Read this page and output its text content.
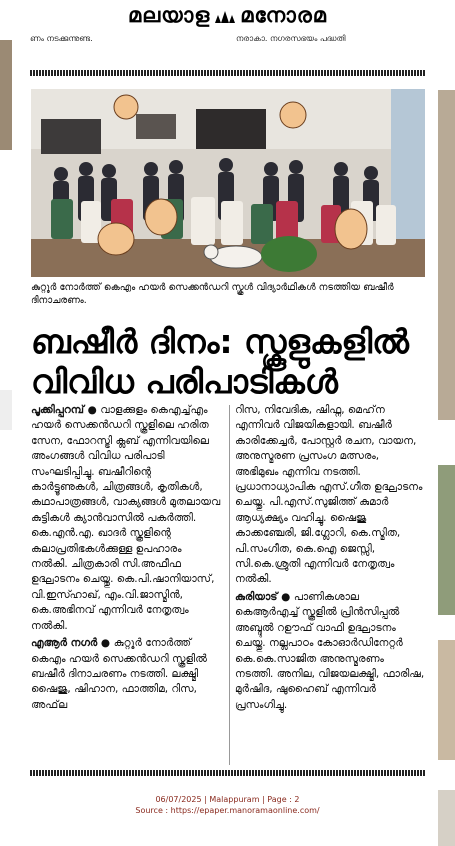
മലയാള മനോരമ
ണം നടക്കുന്നുണ്ട.	നരാകാ. നഗരസഭയം പദ്ധതി
കുറ്റൂർ നോർത്ത് കെഎം ഹയർ സെക്കൻഡറി സ്കൂൾ വിദ്യാർഥികൾ നടത്തിയ ബഷീർ ദിനാചരണം.
ബഷീർ ദിനം: സ്കൂളുകളിൽ
വിവിധ പരിപാടികൾ

പൂക്കിപ്പറമ്പ് ● വാളക്കുളം കെഎച്ച്എം ഹയർ സെക്കൻഡറി സ്കൂളിലെ ഹരിത സേന, ഫോറസ്ട്രി ക്ലബ് എന്നിവയിലെ അംഗങ്ങൾ വിവിധ പരിപാടി സംഘടിപ്പിച്ചു. ബഷീറിന്റെ കാർട്ടൂണുകൾ, ചിത്രങ്ങൾ, കൃതികൾ, കഥാപാത്രങ്ങൾ, വാക്യങ്ങൾ മുതലായവ കുട്ടികൾ ക്യാൻവാസിൽ പകർത്തി. കെ.എൻ.എ. ഖാദർ സ്കൂളിന്റെ കലാപ്രതിഭകൾക്കുള്ള ഉപഹാരം നൽകി. ചിത്രകാരി സി.അഫീഫ ഉദ്ഘാടനം ചെയ്തു. കെ.പി.ഷാനിയാസ്, വി.ഇസ്ഹാഖ്, എം.വി.ജാസ്മിൻ, കെ.അഭിനവ് എന്നിവർ നേതൃത്വം നൽകി.

എആർ നഗർ ● കുറ്റൂർ നോർത്ത് കെഎം ഹയർ സെക്കൻഡറി സ്കൂളിൽ ബഷീർ ദിനാചരണം നടത്തി. ലക്ഷ്മി ഷൈജു, ഷിഹാന, ഫാത്തിമ, റിസ, അഫ്‌ല

റിസ, നിവേദിക, ഷിഫ്ന, മെഹ്‌ന എന്നിവർ വിജയികളായി. ബഷീർ കാരിക്കേച്ചർ, പോസ്റ്റർ രചന, വായന, അനുസ്മരണ പ്രസംഗ മത്സരം, അഭിമുഖം എന്നിവ നടത്തി. പ്രധാനാധ്യാപിക എസ്.ഗീത ഉദ്ഘാടനം ചെയ്തു. പി.എസ്.സുജിത്ത് കുമാർ ആധ്യക്ഷ്യം വഹിച്ചു. ഷൈജു കാക്കഞ്ചേരി, ജി.ഗ്ലോറി, കെ.സ്മിത, പി.സംഗീത, കെ.ഐ ജെസ്സി, സി.കെ.ശ്രുതി എന്നിവർ നേതൃത്വം നൽകി.

കുരിയാട് ● പാണികശാല കെആർഎച്ച് സ്കൂളിൽ പ്രിൻസിപ്പൽ അബ്ദുൽ റഊഫ് വാഫി ഉദ്ഘാടനം ചെയ്തു. നല്ലപാഠം കോഓർഡിനേറ്റർ കെ.കെ.സാജിത അനുസ്മരണം നടത്തി. അനില, വിജയലക്ഷ്മി, ഫാരിഷ, മുർഷിദ, ഷുഹൈബ് എന്നിവർ പ്രസംഗിച്ചു.

06/07/2025 | Malappuram | Page : 2
Source : https://epaper.manoramaonline.com/
